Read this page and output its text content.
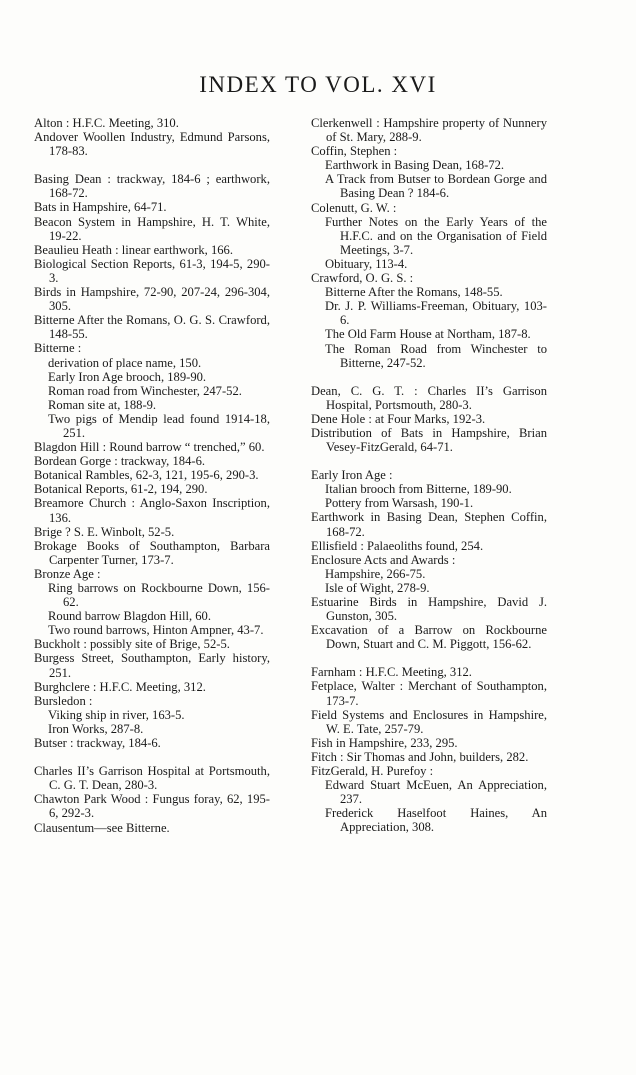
INDEX TO VOL. XVI
Alton : H.F.C. Meeting, 310.
Andover Woollen Industry, Edmund Parsons, 178-83.
Basing Dean : trackway, 184-6 ; earthwork, 168-72.
Bats in Hampshire, 64-71.
Beacon System in Hampshire, H. T. White, 19-22.
Beaulieu Heath : linear earthwork, 166.
Biological Section Reports, 61-3, 194-5, 290-3.
Birds in Hampshire, 72-90, 207-24, 296-304, 305.
Bitterne After the Romans, O. G. S. Crawford, 148-55.
Bitterne :
derivation of place name, 150.
Early Iron Age brooch, 189-90.
Roman road from Winchester, 247-52.
Roman site at, 188-9.
Two pigs of Mendip lead found 1914-18, 251.
Blagdon Hill : Round barrow “ trenched,” 60.
Bordean Gorge : trackway, 184-6.
Botanical Rambles, 62-3, 121, 195-6, 290-3.
Botanical Reports, 61-2, 194, 290.
Breamore Church : Anglo-Saxon Inscription, 136.
Brige ? S. E. Winbolt, 52-5.
Brokage Books of Southampton, Barbara Carpenter Turner, 173-7.
Bronze Age :
Ring barrows on Rockbourne Down, 156-62.
Round barrow Blagdon Hill, 60.
Two round barrows, Hinton Ampner, 43-7.
Buckholt : possibly site of Brige, 52-5.
Burgess Street, Southampton, Early history, 251.
Burghclere : H.F.C. Meeting, 312.
Bursledon :
Viking ship in river, 163-5.
Iron Works, 287-8.
Butser : trackway, 184-6.
Charles II’s Garrison Hospital at Portsmouth, C. G. T. Dean, 280-3.
Chawton Park Wood : Fungus foray, 62, 195-6, 292-3.
Clausentum—see Bitterne.
Clerkenwell : Hampshire property of Nunnery of St. Mary, 288-9.
Coffin, Stephen :
Earthwork in Basing Dean, 168-72.
A Track from Butser to Bordean Gorge and Basing Dean ? 184-6.
Colenutt, G. W. :
Further Notes on the Early Years of the H.F.C. and on the Organisation of Field Meetings, 3-7.
Obituary, 113-4.
Crawford, O. G. S. :
Bitterne After the Romans, 148-55.
Dr. J. P. Williams-Freeman, Obituary, 103-6.
The Old Farm House at Northam, 187-8.
The Roman Road from Winchester to Bitterne, 247-52.
Dean, C. G. T. : Charles II’s Garrison Hospital, Portsmouth, 280-3.
Dene Hole : at Four Marks, 192-3.
Distribution of Bats in Hampshire, Brian Vesey-FitzGerald, 64-71.
Early Iron Age :
Italian brooch from Bitterne, 189-90.
Pottery from Warsash, 190-1.
Earthwork in Basing Dean, Stephen Coffin, 168-72.
Ellisfield : Palaeoliths found, 254.
Enclosure Acts and Awards :
Hampshire, 266-75.
Isle of Wight, 278-9.
Estuarine Birds in Hampshire, David J. Gunston, 305.
Excavation of a Barrow on Rockbourne Down, Stuart and C. M. Piggott, 156-62.
Farnham : H.F.C. Meeting, 312.
Fetplace, Walter : Merchant of Southampton, 173-7.
Field Systems and Enclosures in Hampshire, W. E. Tate, 257-79.
Fish in Hampshire, 233, 295.
Fitch : Sir Thomas and John, builders, 282.
FitzGerald, H. Purefoy :
Edward Stuart McEuen, An Appreciation, 237.
Frederick Haselfoot Haines, An Appreciation, 308.
